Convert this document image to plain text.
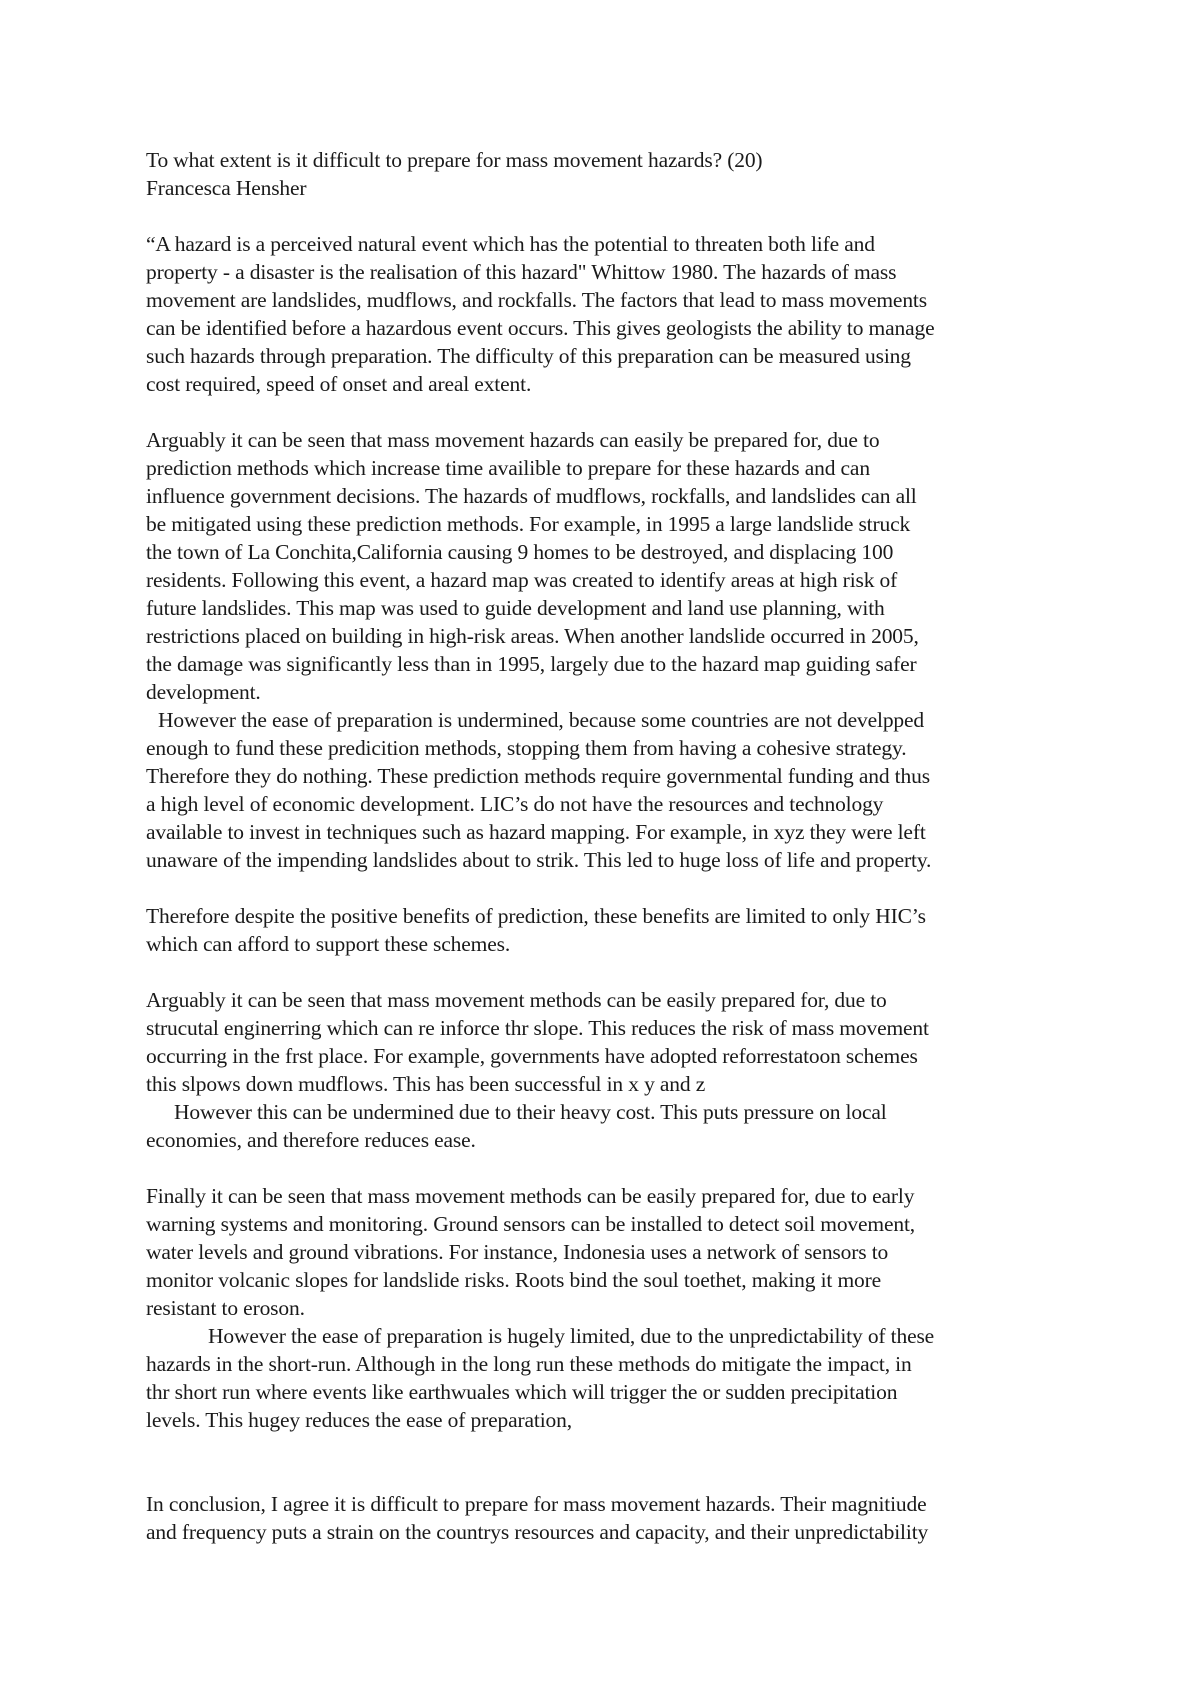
To what extent is it difficult to prepare for mass movement hazards? (20)
Francesca Hensher
“A hazard is a perceived natural event which has the potential to threaten both life and
property - a disaster is the realisation of this hazard" Whittow 1980. The hazards of mass
movement are landslides, mudflows, and rockfalls. The factors that lead to mass movements
can be identified before a hazardous event occurs. This gives geologists the ability to manage
such hazards through preparation. The difficulty of this preparation can be measured using
cost required, speed of onset and areal extent.
Arguably it can be seen that mass movement hazards can easily be prepared for, due to
prediction methods which increase time availible to prepare for these hazards and can
influence government decisions. The hazards of mudflows, rockfalls, and landslides can all
be mitigated using these prediction methods. For example, in 1995 a large landslide struck
the town of La Conchita,California causing 9 homes to be destroyed, and displacing 100
residents. Following this event, a hazard map was created to identify areas at high risk of
future landslides. This map was used to guide development and land use planning, with
restrictions placed on building in high-risk areas. When another landslide occurred in 2005,
the damage was significantly less than in 1995, largely due to the hazard map guiding safer
development.
However the ease of preparation is undermined, because some countries are not develpped
enough to fund these predicition methods, stopping them from having a cohesive strategy.
Therefore they do nothing. These prediction methods require governmental funding and thus
a high level of economic development. LIC’s do not have the resources and technology
available to invest in techniques such as hazard mapping. For example, in xyz they were left
unaware of the impending landslides about to strik. This led to huge loss of life and property.
Therefore despite the positive benefits of prediction, these benefits are limited to only HIC’s
which can afford to support these schemes.
Arguably it can be seen that mass movement methods can be easily prepared for, due to
strucutal enginerring which can re inforce thr slope. This reduces the risk of mass movement
occurring in the frst place. For example, governments have adopted reforrestatoon schemes
this slpows down mudflows. This has been successful in x y and z
However this can be undermined due to their heavy cost. This puts pressure on local
economies, and therefore reduces ease.
Finally it can be seen that mass movement methods can be easily prepared for, due to early
warning systems and monitoring. Ground sensors can be installed to detect soil movement,
water levels and ground vibrations. For instance, Indonesia uses a network of sensors to
monitor volcanic slopes for landslide risks. Roots bind the soul toethet, making it more
resistant to eroson.
However the ease of preparation is hugely limited, due to the unpredictability of these
hazards in the short-run. Although in the long run these methods do mitigate the impact, in
thr short run where events like earthwuales which will trigger the or sudden precipitation
levels. This hugey reduces the ease of preparation,
In conclusion, I agree it is difficult to prepare for mass movement hazards. Their magnitiude
and frequency puts a strain on the countrys resources and capacity, and their unpredictability
